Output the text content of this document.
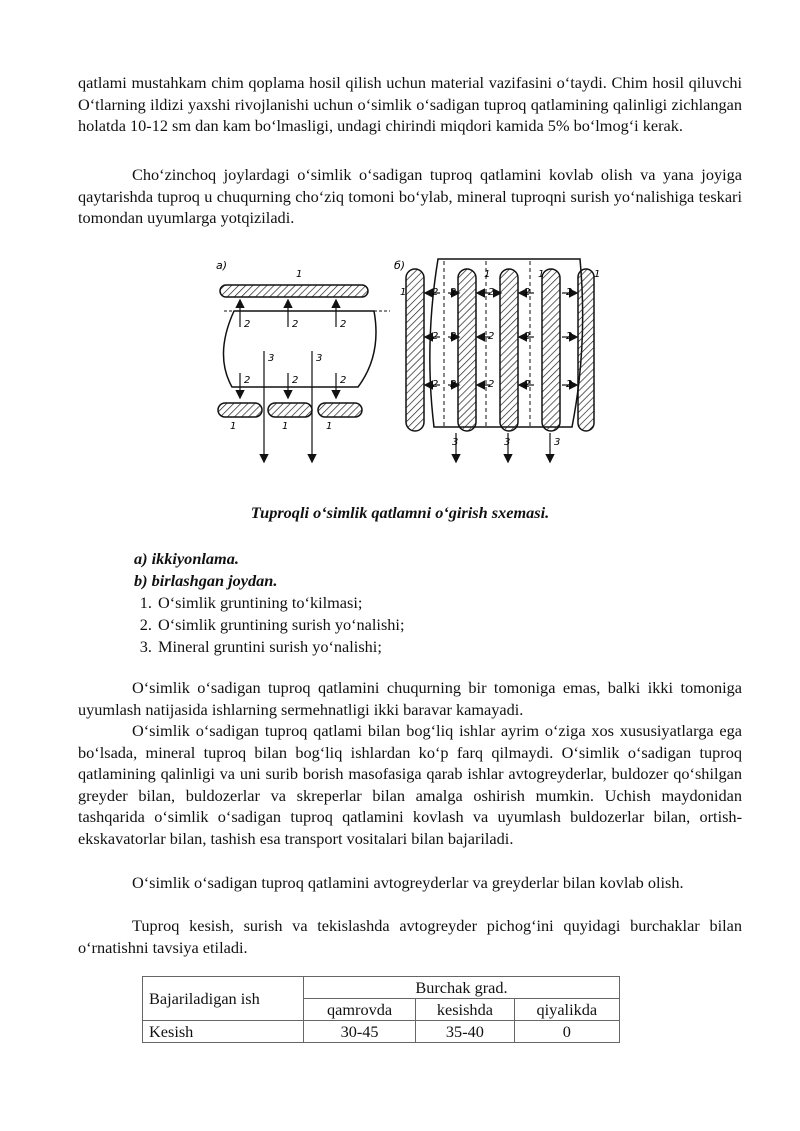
qatlami mustahkam chim qoplama hosil qilish uchun material vazifasini o‘taydi. Chim hosil qiluvchi O‘tlarning ildizi yaxshi rivojlanishi uchun o‘simlik o‘sadigan tuproq qatlamining qalinligi zichlangan holatda 10-12 sm dan kam bo‘lmasligi, undagi chirindi miqdori kamida 5% bo‘lmog‘i kerak.

Cho‘zinchoq joylardagi o‘simlik o‘sadigan tuproq qatlamini kovlab olish va yana joyiga qaytarishda tuproq u chuqurning cho‘ziq tomoni bo‘ylab, mineral tuproqni surish yo‘nalishiga teskari tomondan uyumlarga yotqiziladi.

а)
1
2	2	2
3	3
2	2	2
1	1	1
б)
1
1	1	1
2 2	2	2	2
2 2	2	2	2
2 2	2	2	2
3	3	3
Tuproqli o‘simlik qatlamni o‘girish sxemasi.
a) ikkiyonlama.
b) birlashgan joydan.
1. O‘simlik gruntining to‘kilmasi;
2. O‘simlik gruntining surish yo‘nalishi;
3. Mineral gruntini surish yo‘nalishi;

O‘simlik o‘sadigan tuproq qatlamini chuqurning bir tomoniga emas, balki ikki tomoniga uyumlash natijasida ishlarning sermehnatligi ikki baravar kamayadi.

O‘simlik o‘sadigan tuproq qatlami bilan bog‘liq ishlar ayrim o‘ziga xos xususiyatlarga ega bo‘lsada, mineral tuproq bilan bog‘liq ishlardan ko‘p farq qilmaydi. O‘simlik o‘sadigan tuproq qatlamining qalinligi va uni surib borish masofasiga qarab ishlar avtogreyderlar, buldozer qo‘shilgan greyder bilan, buldozerlar va skreperlar bilan amalga oshirish mumkin. Uchish maydonidan tashqarida o‘simlik o‘sadigan tuproq qatlamini kovlash va uyumlash buldozerlar bilan, ortish-ekskavatorlar bilan, tashish esa transport vositalari bilan bajariladi.

O‘simlik o‘sadigan tuproq qatlamini avtogreyderlar va greyderlar bilan kovlab olish.

Tuproq kesish, surish va tekislashda avtogreyder pichog‘ini quyidagi burchaklar bilan o‘rnatishni tavsiya etiladi.

Bajariladigan ish	Burchak grad.		
	qamrovda	kesishda	qiyalikda
Kesish	30-45	35-40	0
